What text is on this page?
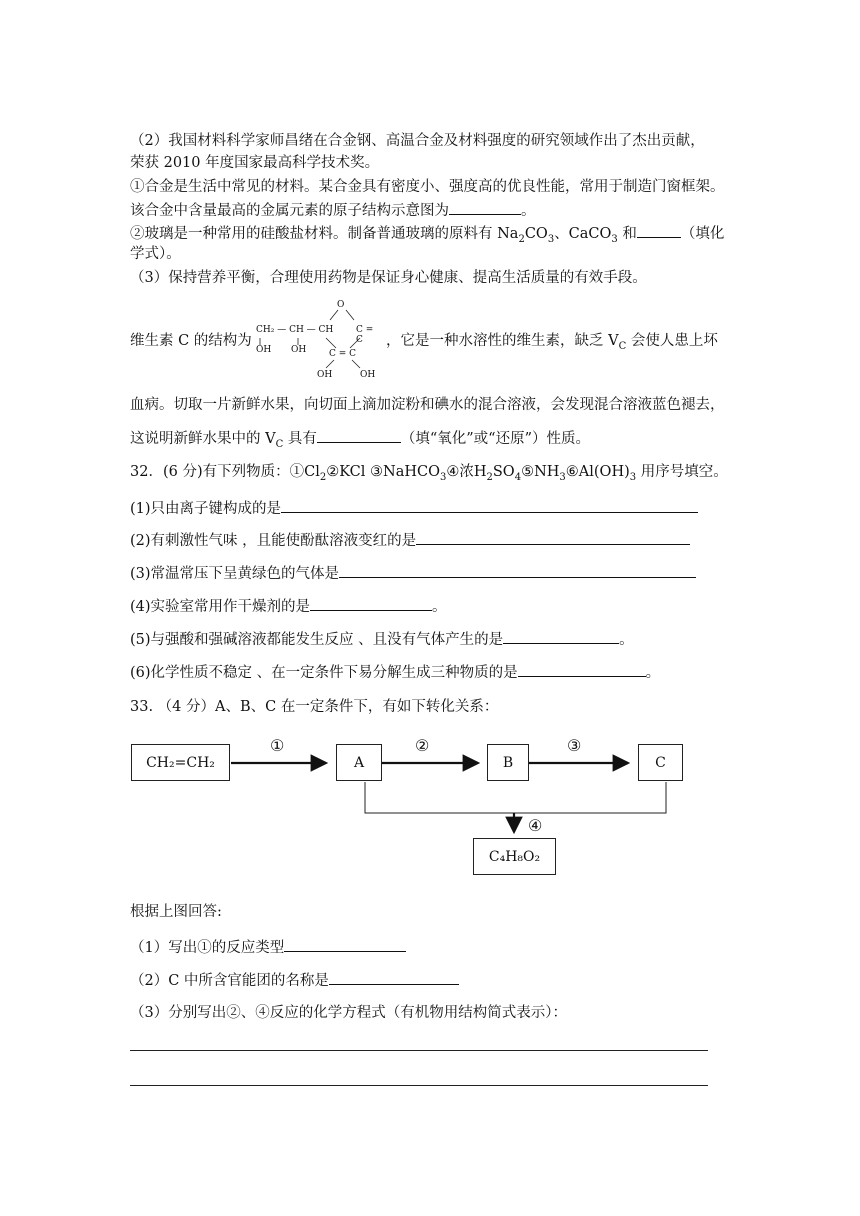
（2）我国材料科学家师昌绪在合金钢、高温合金及材料强度的研究领域作出了杰出贡献，
荣获 2010 年度国家最高科学技术奖。
①合金是生活中常见的材料。某合金具有密度小、强度高的优良性能，常用于制造门窗框架。
该合金中含量最高的金属元素的原子结构示意图为	。
②玻璃是一种常用的硅酸盐材料。制备普通玻璃的原料有 $Na_2CO_3$、CaCO$_3$ 和	（填化
学式）。
（3）保持营养平衡，合理使用药物是保证身心健康、提高生活质量的有效手段。
维生素 C 的结构为	，它是一种水溶性的维生素，缺乏 $V_C$ 会使人患上坏
O
CH₂ — CH — CH	C = C
OH OH	C = C
OH	OH
血病。切取一片新鲜水果，向切面上滴加淀粉和碘水的混合溶液，会发现混合溶液蓝色褪去，
这说明新鲜水果中的 $V_C$ 具有	（填“氧化”或“还原”）性质。
32．(6 分)有下列物质：$①Cl_2②KCl$ ③NaHCO$_3$④浓$H_2SO_4⑤NH_3⑥Al(OH)_3$ 用序号填空。
(1)只由离子键构成的是
(2)有刺激性气味 ，且能使酚酞溶液变红的是
(3)常温常压下呈黄绿色的气体是
(4)实验室常用作干燥剂的是	。
(5)与强酸和强碱溶液都能发生反应 、且没有气体产生的是	。
(6)化学性质不稳定 、在一定条件下易分解生成三种物质的是	。
33. （4 分）A、B、C 在一定条件下，有如下转化关系：
CH₂=CH₂	A	B	C
C₄H₈O₂
①	②	③
④
根据上图回答:
（1）写出①的反应类型
（2）C 中所含官能团的名称是
（3）分别写出②、④反应的化学方程式（有机物用结构简式表示）：
